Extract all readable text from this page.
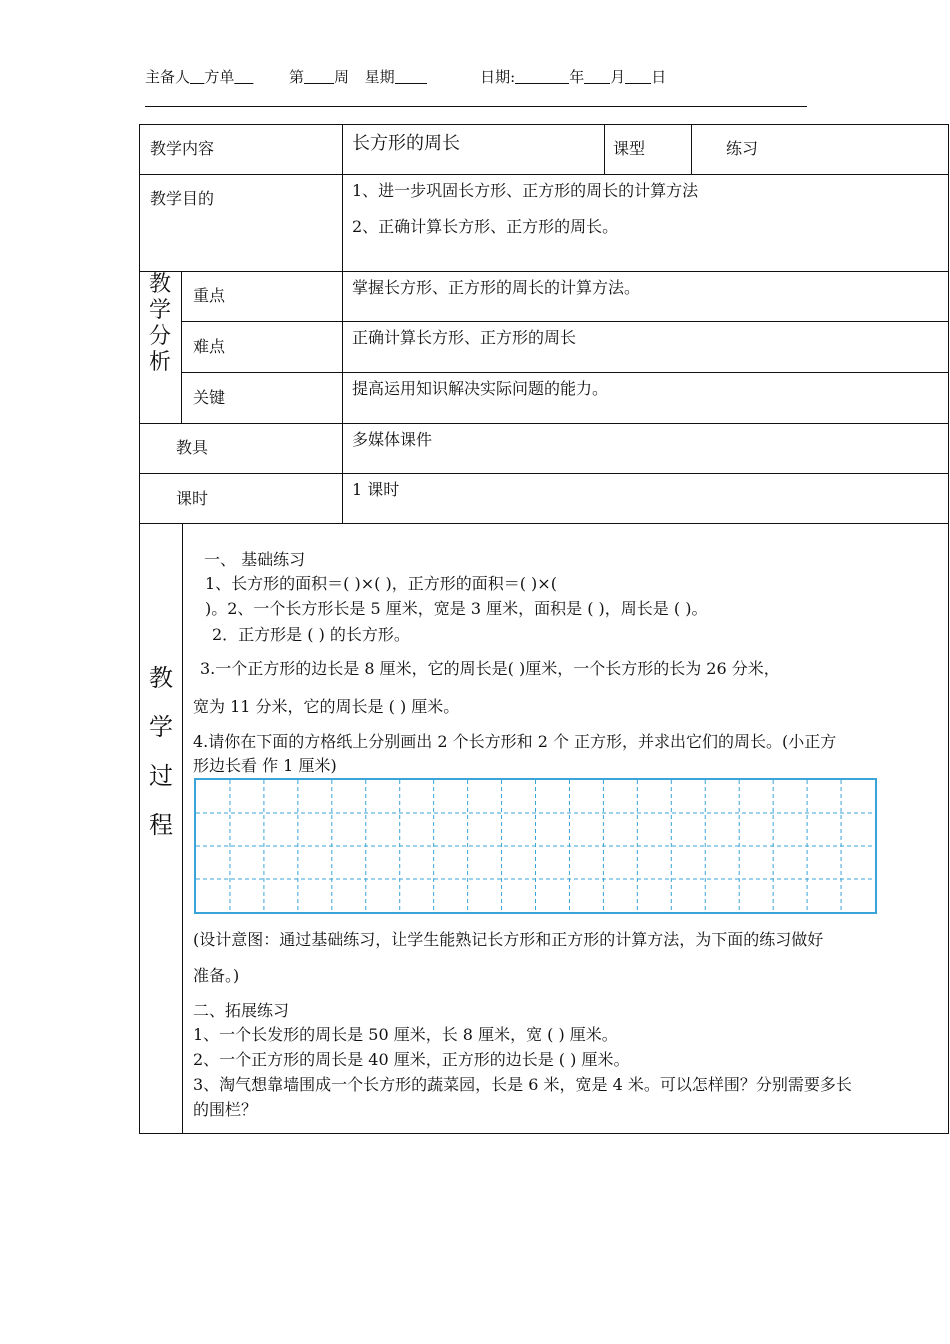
主备人 方单	第 周 星期	日期:	年 月 日
教学内容	长方形的周长	课型	练习
教学目的	1、进一步巩固长方形、正方形的周长的计算方法
2、正确计算长方形、正方形的周长。
教
学
分
析
重点	掌握长方形、正方形的周长的计算方法。
难点	正确计算长方形、正方形的周长
关键	提高运用知识解决实际问题的能力。
教具	多媒体课件
课时	1 课时
教
学
过
程
一、 基础练习
1、长方形的面积＝( )×( )，正方形的面积＝( )×(
)。2、一个长方形长是 5 厘米，宽是 3 厘米，面积是 ( )，周长是 ( )。
2．正方形是 ( ) 的长方形。
3.一个正方形的边长是 8 厘米，它的周长是( )厘米，一个长方形的长为 26 分米，
宽为 11 分米，它的周长是 ( ) 厘米。
4.请你在下面的方格纸上分别画出 2 个长方形和 2 个 正方形，并求出它们的周长。(小正方
形边长看 作 1 厘米)
(设计意图：通过基础练习，让学生能熟记长方形和正方形的计算方法，为下面的练习做好
准备。)
二、拓展练习
1、一个长发形的周长是 50 厘米，长 8 厘米，宽 ( ) 厘米。
2、一个正方形的周长是 40 厘米，正方形的边长是 ( ) 厘米。
3、淘气想靠墙围成一个长方形的蔬菜园，长是 6 米，宽是 4 米。可以怎样围？分别需要多长
的围栏？
